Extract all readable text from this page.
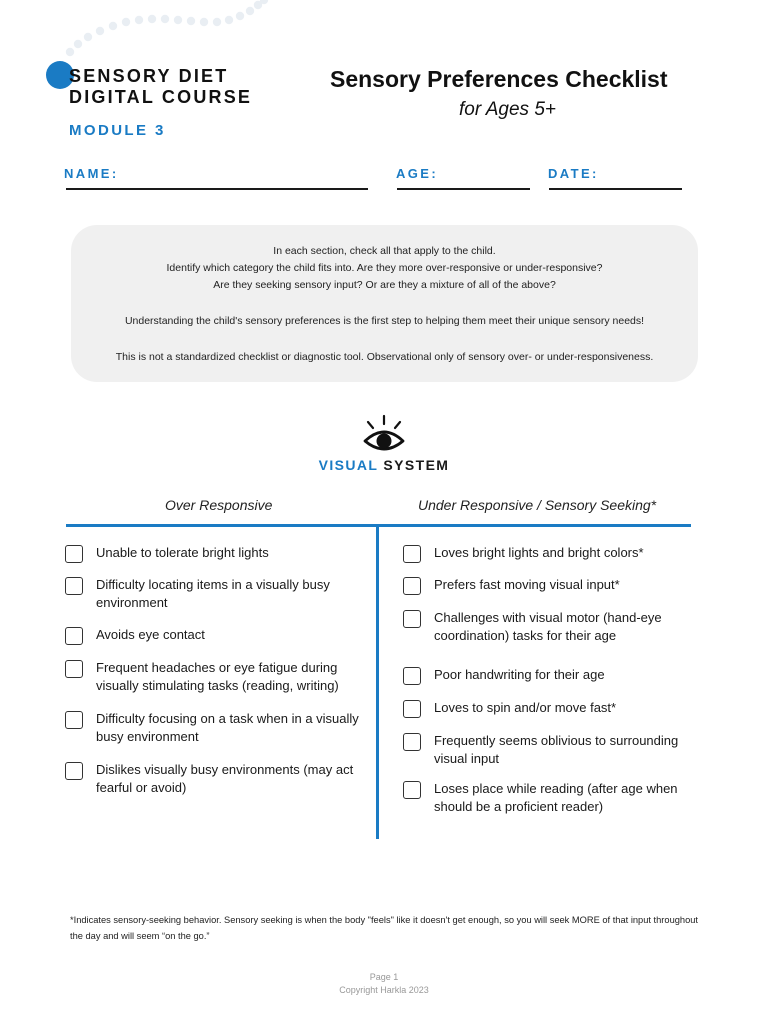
SENSORY DIET
DIGITAL COURSE
MODULE 3
Sensory Preferences Checklist
for Ages 5+
NAME:	AGE:	DATE:

In each section, check all that apply to the child.

Identify which category the child fits into. Are they more over-responsive or under-responsive?

Are they seeking sensory input? Or are they a mixture of all of the above?

Understanding the child's sensory preferences is the first step to helping them meet their unique sensory needs!

This is not a standardized checklist or diagnostic tool. Observational only of sensory over- or under-responsiveness.

VISUAL SYSTEM
Over Responsive	Under Responsive / Sensory Seeking*
Unable to tolerate bright lights
Difficulty locating items in a visually busy environment
Avoids eye contact
Frequent headaches or eye fatigue during visually stimulating tasks (reading, writing)
Difficulty focusing on a task when in a visually busy environment
Dislikes visually busy environments (may act fearful or avoid)
Loves bright lights and bright colors*
Prefers fast moving visual input*
Challenges with visual motor (hand-eye coordination) tasks for their age
Poor handwriting for their age
Loves to spin and/or move fast*
Frequently seems oblivious to surrounding visual input
Loses place while reading (after age when should be a proficient reader)
*Indicates sensory-seeking behavior. Sensory seeking is when the body "feels" like it doesn't get enough, so you will seek MORE of that input throughout the day and will seem “on the go.”
Page 1
Copyright Harkla 2023
